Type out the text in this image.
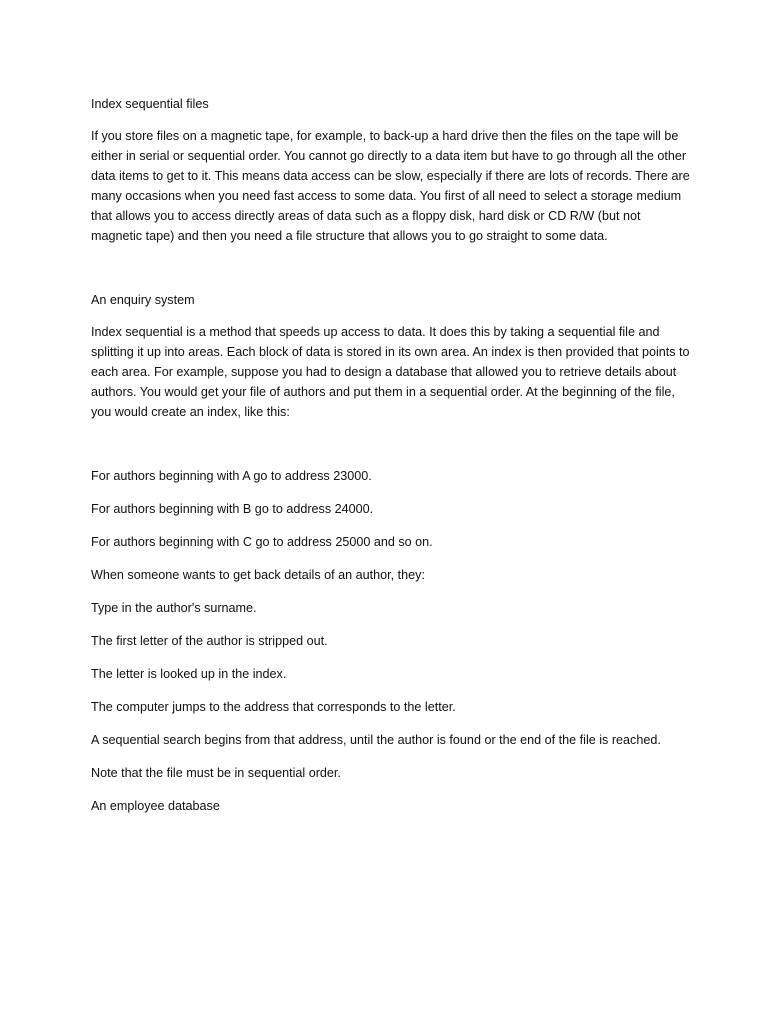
Index sequential files

If you store files on a magnetic tape, for example, to back-up a hard drive then the files on the tape will be either in serial or sequential order. You cannot go directly to a data item but have to go through all the other data items to get to it. This means data access can be slow, especially if there are lots of records. There are many occasions when you need fast access to some data. You first of all need to select a storage medium that allows you to access directly areas of data such as a floppy disk, hard disk or CD R/W (but not magnetic tape) and then you need a file structure that allows you to go straight to some data.

An enquiry system

Index sequential is a method that speeds up access to data. It does this by taking a sequential file and splitting it up into areas. Each block of data is stored in its own area. An index is then provided that points to each area. For example, suppose you had to design a database that allowed you to retrieve details about authors. You would get your file of authors and put them in a sequential order. At the beginning of the file, you would create an index, like this:

For authors beginning with A go to address 23000.

For authors beginning with B go to address 24000.

For authors beginning with C go to address 25000 and so on.

When someone wants to get back details of an author, they:

Type in the author's surname.

The first letter of the author is stripped out.

The letter is looked up in the index.

The computer jumps to the address that corresponds to the letter.

A sequential search begins from that address, until the author is found or the end of the file is reached.

Note that the file must be in sequential order.

An employee database
